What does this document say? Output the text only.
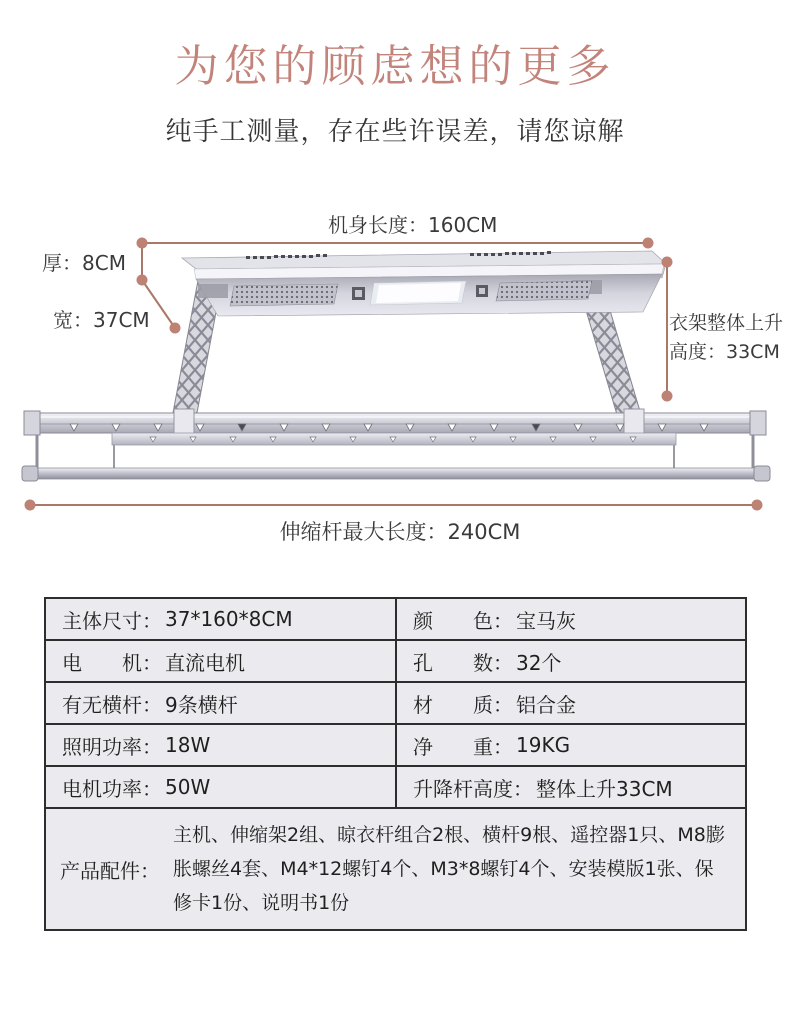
为您的顾虑想的更多
纯手工测量，存在些许误差，请您谅解
机身长度：160CM
厚：8CM
宽：37CM	衣架整体上升
高度：33CM
伸缩杆最大长度：240CM
主体尺寸： 37*160*8CM	颜　　色： 宝马灰
电　　机： 直流电机	孔　　数： 32个
有无横杆： 9条横杆	材　　质： 铝合金
照明功率： 18W	净　　重： 19KG
电机功率： 50W	升降杆高度： 整体上升33CM
产品配件：
主机、伸缩架2组、晾衣杆组合2根、横杆9根、遥控器1只、M8膨胀螺丝4套、M4*12螺钉4个、M3*8螺钉4个、安装模版1张、保修卡1份、说明书1份
